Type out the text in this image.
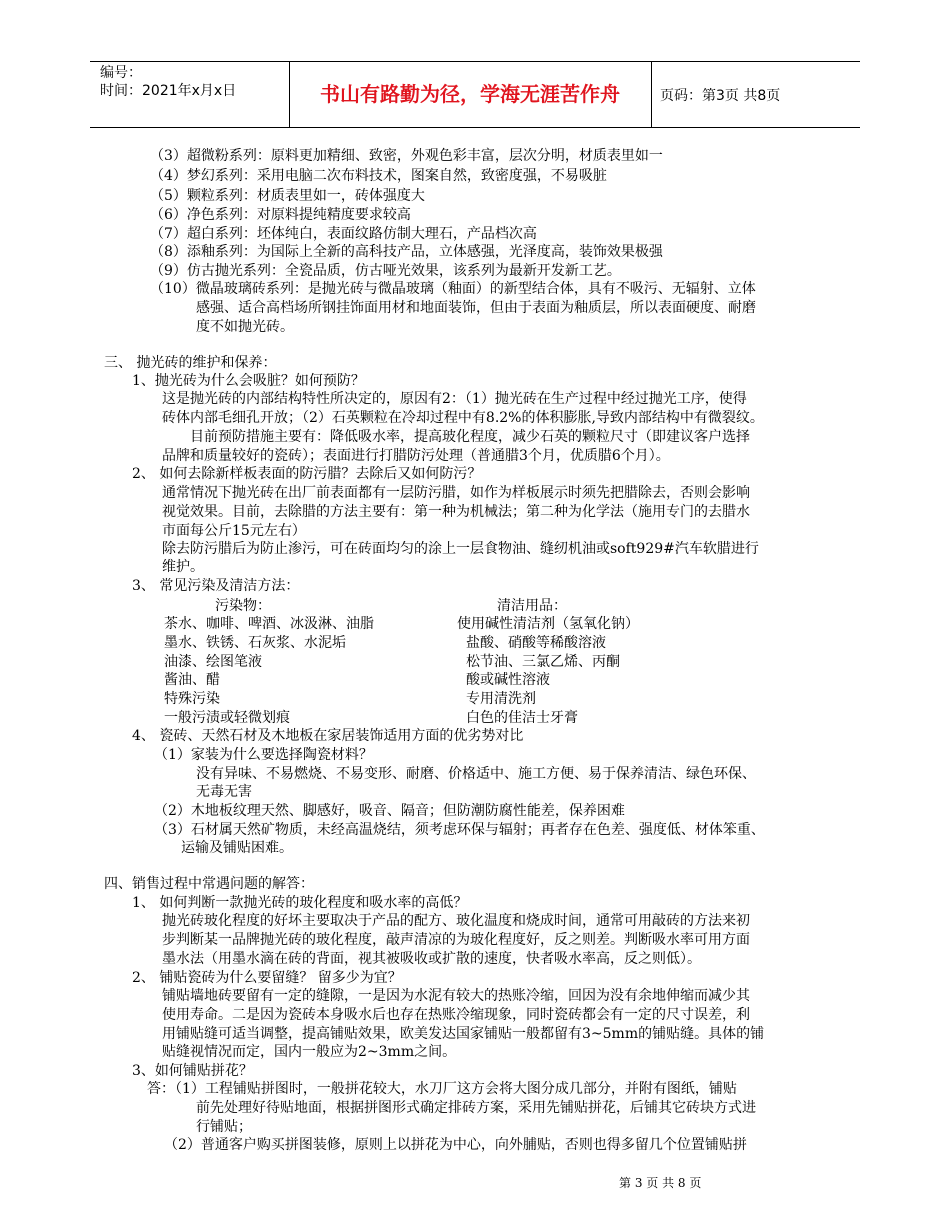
编号：
时间：2021年x月x日	书山有路勤为径，学海无涯苦作舟	页码：第3页 共8页
（3）超微粉系列：原料更加精细、致密，外观色彩丰富，层次分明，材质表里如一
（4）梦幻系列：采用电脑二次布料技术，图案自然，致密度强，不易吸脏
（5）颗粒系列：材质表里如一，砖体强度大
（6）净色系列：对原料提纯精度要求较高
（7）超白系列：坯体纯白，表面纹路仿制大理石，产品档次高
（8）添釉系列：为国际上全新的高科技产品，立体感强，光泽度高，装饰效果极强
（9）仿古抛光系列：全瓷品质，仿古哑光效果，该系列为最新开发新工艺。
（10）微晶玻璃砖系列：是抛光砖与微晶玻璃（釉面）的新型结合体，具有不吸污、无辐射、立体
感强、适合高档场所钢挂饰面用材和地面装饰，但由于表面为釉质层，所以表面硬度、耐磨
度不如抛光砖。
三、 抛光砖的维护和保养：
1、抛光砖为什么会吸脏？如何预防？
这是抛光砖的内部结构特性所决定的，原因有2：（1）抛光砖在生产过程中经过抛光工序，使得
砖体内部毛细孔开放；（2）石英颗粒在冷却过程中有8.2%的体积膨胀,导致内部结构中有微裂纹。
目前预防措施主要有：降低吸水率，提高玻化程度，减少石英的颗粒尺寸（即建议客户选择
品牌和质量较好的瓷砖）；表面进行打腊防污处理（普通腊3个月，优质腊6个月）。
2、 如何去除新样板表面的防污腊？去除后又如何防污？
通常情况下抛光砖在出厂前表面都有一层防污腊，如作为样板展示时须先把腊除去，否则会影响
视觉效果。目前，去除腊的方法主要有：第一种为机械法；第二种为化学法（施用专门的去腊水
市面每公斤15元左右）
除去防污腊后为防止渗污，可在砖面均匀的涂上一层食物油、缝纫机油或soft929#汽车软腊进行
维护。
3、 常见污染及清洁方法：
污染物：	清洁用品：
茶水、咖啡、啤酒、冰汲淋、油脂	使用碱性清洁剂（氢氧化钠）
墨水、铁锈、石灰浆、水泥垢	盐酸、硝酸等稀酸溶液
油漆、绘图笔液	松节油、三氯乙烯、丙酮
酱油、醋	酸或碱性溶液
特殊污染	专用清洗剂
一般污渍或轻微划痕	白色的佳洁士牙膏
4、 瓷砖、天然石材及木地板在家居装饰适用方面的优劣势对比
（1）家装为什么要选择陶瓷材料？
没有异味、不易燃烧、不易变形、耐磨、价格适中、施工方便、易于保养清洁、绿色环保、
无毒无害
（2）木地板纹理天然、脚感好，吸音、隔音；但防潮防腐性能差，保养困难
（3）石材属天然矿物质，未经高温烧结，须考虑环保与辐射；再者存在色差、强度低、材体笨重、
运输及铺贴困难。
四、销售过程中常遇问题的解答：
1、 如何判断一款抛光砖的玻化程度和吸水率的高低？
抛光砖玻化程度的好坏主要取决于产品的配方、玻化温度和烧成时间，通常可用敲砖的方法来初
步判断某一品牌抛光砖的玻化程度，敲声清凉的为玻化程度好，反之则差。判断吸水率可用方面
墨水法（用墨水滴在砖的背面，视其被吸收或扩散的速度，快者吸水率高，反之则低）。
2、 铺贴瓷砖为什么要留缝？ 留多少为宜？
铺贴墙地砖要留有一定的缝隙，一是因为水泥有较大的热账冷缩，回因为没有余地伸缩而减少其
使用寿命。二是因为瓷砖本身吸水后也存在热账冷缩现象，同时瓷砖都会有一定的尺寸误差，利
用铺贴缝可适当调整，提高铺贴效果，欧美发达国家铺贴一般都留有3~5mm的铺贴缝。具体的铺
贴缝视情况而定，国内一般应为2~3mm之间。
3、如何铺贴拼花？
答：（1）工程铺贴拼图时，一般拼花较大，水刀厂这方会将大图分成几部分，并附有图纸，铺贴
前先处理好待贴地面，根据拼图形式确定排砖方案，采用先铺贴拼花，后铺其它砖块方式进
行铺贴；
（2）普通客户购买拼图装修，原则上以拼花为中心，向外脯贴，否则也得多留几个位置铺贴拼
第 3 页 共 8 页
